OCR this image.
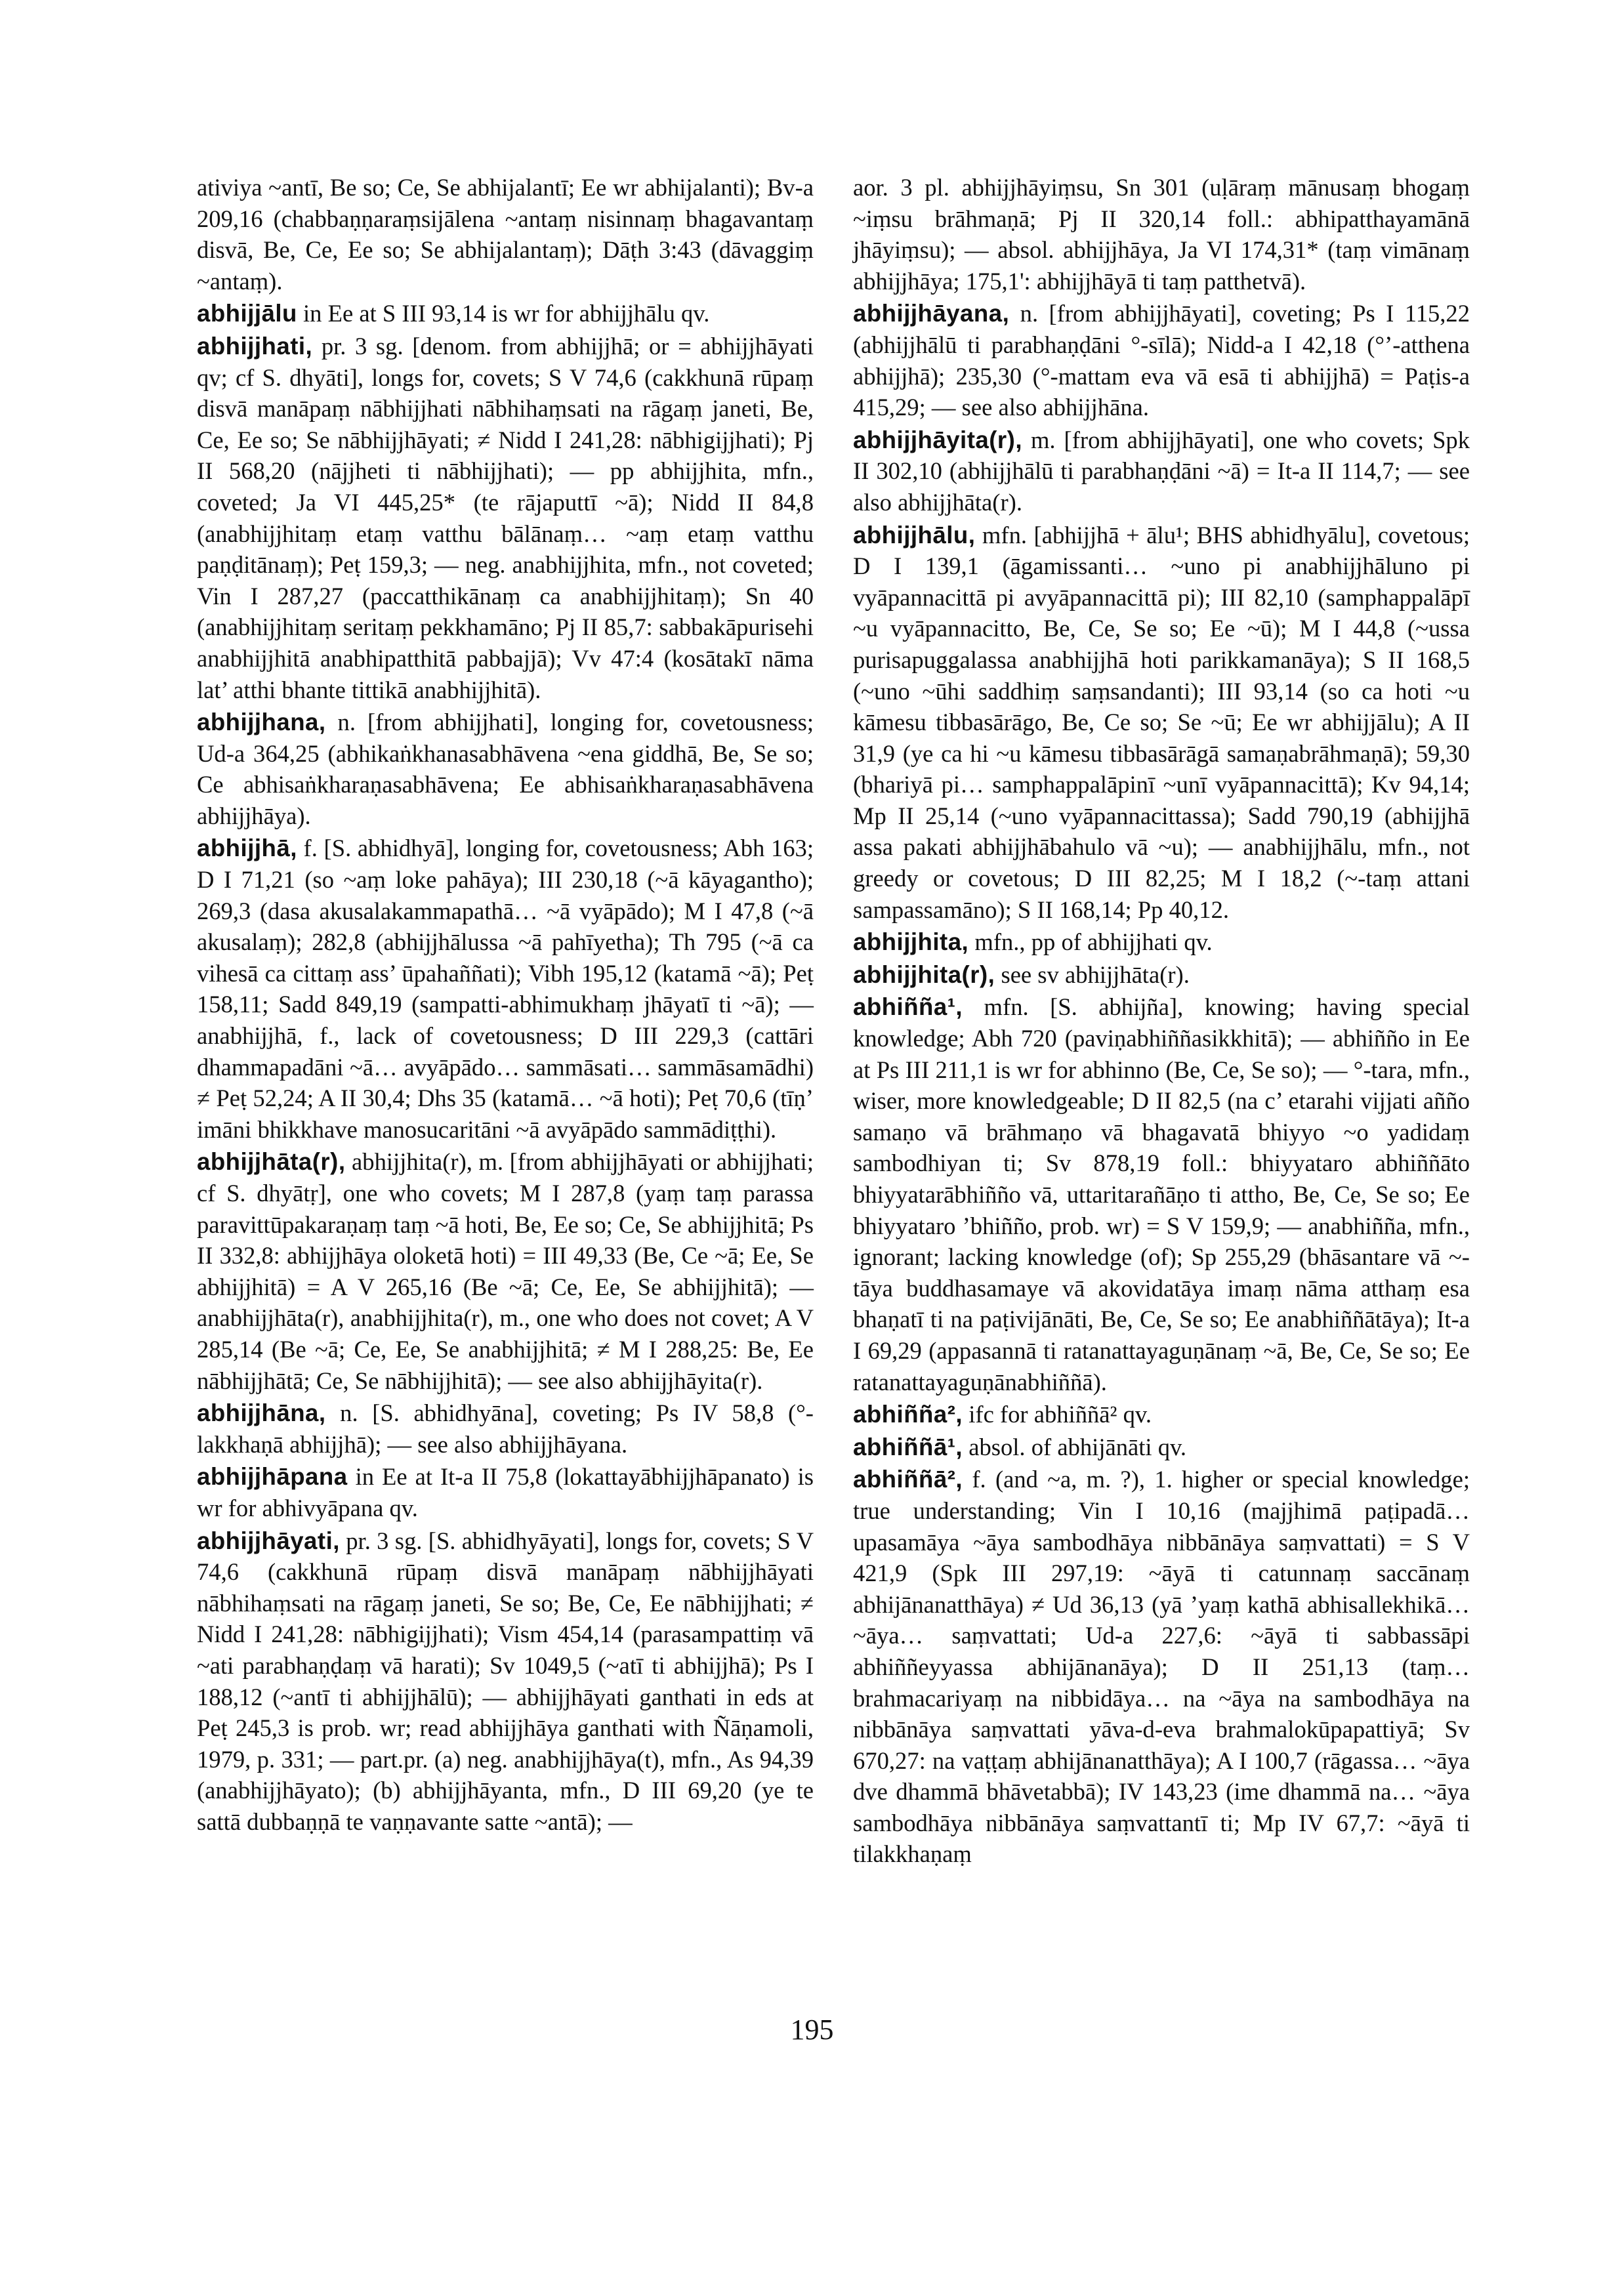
ativiya ~antī, Be so; Ce, Se abhijalantī; Ee wr abhijalanti); Bv-a 209,16 (chabbaṇṇaraṃsijālena ~antaṃ nisinnaṃ bhagavantaṃ disvā, Be, Ce, Ee so; Se abhijalantaṃ); Dāṭh 3:43 (dāvaggiṃ ~antaṃ).

abhijjālu in Ee at S III 93,14 is wr for abhijjhālu qv.

abhijjhati, pr. 3 sg. [denom. from abhijjhā; or = abhijjhāyati qv; cf S. dhyāti], longs for, covets; S V 74,6 (cakkhunā rūpaṃ disvā manāpaṃ nābhijjhati nābhihaṃsati na rāgaṃ janeti, Be, Ce, Ee so; Se nābhijjhāyati; ≠ Nidd I 241,28: nābhigijjhati); Pj II 568,20 (nājjheti ti nābhijjhati); — pp abhijjhita, mfn., coveted; Ja VI 445,25* (te rājaputtī ~ā); Nidd II 84,8 (anabhijjhitaṃ etaṃ vatthu bālānaṃ… ~aṃ etaṃ vatthu paṇḍitānaṃ); Peṭ 159,3; — neg. anabhijjhita, mfn., not coveted; Vin I 287,27 (paccatthikānaṃ ca anabhijjhitaṃ); Sn 40 (anabhijjhitaṃ seritaṃ pekkhamāno; Pj II 85,7: sabbakāpurisehi anabhijjhitā anabhipatthitā pabbajjā); Vv 47:4 (kosātakī nāma lat’ atthi bhante tittikā anabhijjhitā).

abhijjhana, n. [from abhijjhati], longing for, covetousness; Ud-a 364,25 (abhikaṅkhanasabhāvena ~ena giddhā, Be, Se so; Ce abhisaṅkharaṇasabhāvena; Ee abhisaṅkharaṇasabhāvena abhijjhāya).

abhijjhā, f. [S. abhidhyā], longing for, covetousness; Abh 163; D I 71,21 (so ~aṃ loke pahāya); III 230,18 (~ā kāyagantho); 269,3 (dasa akusalakammapathā… ~ā vyāpādo); M I 47,8 (~ā akusalaṃ); 282,8 (abhijjhālussa ~ā pahīyetha); Th 795 (~ā ca vihesā ca cittaṃ ass’ ūpahaññati); Vibh 195,12 (katamā ~ā); Peṭ 158,11; Sadd 849,19 (sampatti-abhimukhaṃ jhāyatī ti ~ā); — anabhijjhā, f., lack of covetousness; D III 229,3 (cattāri dhammapadāni ~ā… avyāpādo… sammāsati… sammāsamādhi) ≠ Peṭ 52,24; A II 30,4; Dhs 35 (katamā… ~ā hoti); Peṭ 70,6 (tīṇ’ imāni bhikkhave manosucaritāni ~ā avyāpādo sammādiṭṭhi).

abhijjhāta(r), abhijjhita(r), m. [from abhijjhāyati or abhijjhati; cf S. dhyātṛ], one who covets; M I 287,8 (yaṃ taṃ parassa paravittūpakaraṇaṃ taṃ ~ā hoti, Be, Ee so; Ce, Se abhijjhitā; Ps II 332,8: abhijjhāya oloketā hoti) = III 49,33 (Be, Ce ~ā; Ee, Se abhijjhitā) = A V 265,16 (Be ~ā; Ce, Ee, Se abhijjhitā); — anabhijjhāta(r), anabhijjhita(r), m., one who does not covet; A V 285,14 (Be ~ā; Ce, Ee, Se anabhijjhitā; ≠ M I 288,25: Be, Ee nābhijjhātā; Ce, Se nābhijjhitā); — see also abhijjhāyita(r).

abhijjhāna, n. [S. abhidhyāna], coveting; Ps IV 58,8 (°-lakkhaṇā abhijjhā); — see also abhijjhāyana.

abhijjhāpana in Ee at It-a II 75,8 (lokattayābhijjhāpanato) is wr for abhivyāpana qv.

abhijjhāyati, pr. 3 sg. [S. abhidhyāyati], longs for, covets; S V 74,6 (cakkhunā rūpaṃ disvā manāpaṃ nābhijjhāyati nābhihaṃsati na rāgaṃ janeti, Se so; Be, Ce, Ee nābhijjhati; ≠ Nidd I 241,28: nābhigijjhati); Vism 454,14 (parasampattiṃ vā ~ati parabhaṇḍaṃ vā harati); Sv 1049,5 (~atī ti abhijjhā); Ps I 188,12 (~antī ti abhijjhālū); — abhijjhāyati ganthati in eds at Peṭ 245,3 is prob. wr; read abhijjhāya ganthati with Ñāṇamoli, 1979, p. 331; — part.pr. (a) neg. anabhijjhāya(t), mfn., As 94,39 (anabhijjhāyato); (b) abhijjhāyanta, mfn., D III 69,20 (ye te sattā dubbaṇṇā te vaṇṇavante satte ~antā); —

aor. 3 pl. abhijjhāyiṃsu, Sn 301 (uḷāraṃ mānusaṃ bhogaṃ ~iṃsu brāhmaṇā; Pj II 320,14 foll.: abhipatthayamānā jhāyiṃsu); — absol. abhijjhāya, Ja VI 174,31* (taṃ vimānaṃ abhijjhāya; 175,1': abhijjhāyā ti taṃ patthetvā).

abhijjhāyana, n. [from abhijjhāyati], coveting; Ps I 115,22 (abhijjhālū ti parabhaṇḍāni °-sīlā); Nidd-a I 42,18 (°’-atthena abhijjhā); 235,30 (°-mattam eva vā esā ti abhijjhā) = Paṭis-a 415,29; — see also abhijjhāna.

abhijjhāyita(r), m. [from abhijjhāyati], one who covets; Spk II 302,10 (abhijjhālū ti parabhaṇḍāni ~ā) = It-a II 114,7; — see also abhijjhāta(r).

abhijjhālu, mfn. [abhijjhā + ālu¹; BHS abhidhyālu], covetous; D I 139,1 (āgamissanti… ~uno pi anabhijjhāluno pi vyāpannacittā pi avyāpannacittā pi); III 82,10 (samphappalāpī ~u vyāpannacitto, Be, Ce, Se so; Ee ~ū); M I 44,8 (~ussa purisapuggalassa anabhijjhā hoti parikkamanāya); S II 168,5 (~uno ~ūhi saddhiṃ saṃsandanti); III 93,14 (so ca hoti ~u kāmesu tibbasārāgo, Be, Ce so; Se ~ū; Ee wr abhijjālu); A II 31,9 (ye ca hi ~u kāmesu tibbasārāgā samaṇabrāhmaṇā); 59,30 (bhariyā pi… samphappalāpinī ~unī vyāpannacittā); Kv 94,14; Mp II 25,14 (~uno vyāpannacittassa); Sadd 790,19 (abhijjhā assa pakati abhijjhābahulo vā ~u); — anabhijjhālu, mfn., not greedy or covetous; D III 82,25; M I 18,2 (~-taṃ attani sampassamāno); S II 168,14; Pp 40,12.

abhijjhita, mfn., pp of abhijjhati qv.

abhijjhita(r), see sv abhijjhāta(r).

abhiñña¹, mfn. [S. abhijña], knowing; having special knowledge; Abh 720 (paviṇabhiññasikkhitā); — abhiñño in Ee at Ps III 211,1 is wr for abhinno (Be, Ce, Se so); — °-tara, mfn., wiser, more knowledgeable; D II 82,5 (na c’ etarahi vijjati añño samaṇo vā brāhmaṇo vā bhagavatā bhiyyo ~o yadidaṃ sambodhiyan ti; Sv 878,19 foll.: bhiyyataro abhiññāto bhiyyatarābhiñño vā, uttaritarañāṇo ti attho, Be, Ce, Se so; Ee bhiyyataro ’bhiñño, prob. wr) = S V 159,9; — anabhiñña, mfn., ignorant; lacking knowledge (of); Sp 255,29 (bhāsantare vā ~-tāya buddhasamaye vā akovidatāya imaṃ nāma atthaṃ esa bhaṇatī ti na paṭivijānāti, Be, Ce, Se so; Ee anabhiññātāya); It-a I 69,29 (appasannā ti ratanattayaguṇānaṃ ~ā, Be, Ce, Se so; Ee ratanattayaguṇānabhiññā).

abhiñña², ifc for abhiññā² qv.

abhiññā¹, absol. of abhijānāti qv.

abhiññā², f. (and ~a, m. ?), 1. higher or special knowledge; true understanding; Vin I 10,16 (majjhimā paṭipadā… upasamāya ~āya sambodhāya nibbānāya saṃvattati) = S V 421,9 (Spk III 297,19: ~āyā ti catunnaṃ saccānaṃ abhijānanatthāya) ≠ Ud 36,13 (yā ’yaṃ kathā abhisallekhikā… ~āya… saṃvattati; Ud-a 227,6: ~āyā ti sabbassāpi abhiññeyyassa abhijānanāya); D II 251,13 (taṃ… brahmacariyaṃ na nibbidāya… na ~āya na sambodhāya na nibbānāya saṃvattati yāva-d-eva brahmalokūpapattiyā; Sv 670,27: na vaṭṭaṃ abhijānanatthāya); A I 100,7 (rāgassa… ~āya dve dhammā bhāvetabbā); IV 143,23 (ime dhammā na… ~āya sambodhāya nibbānāya saṃvattantī ti; Mp IV 67,7: ~āyā ti tilakkhaṇaṃ

195
